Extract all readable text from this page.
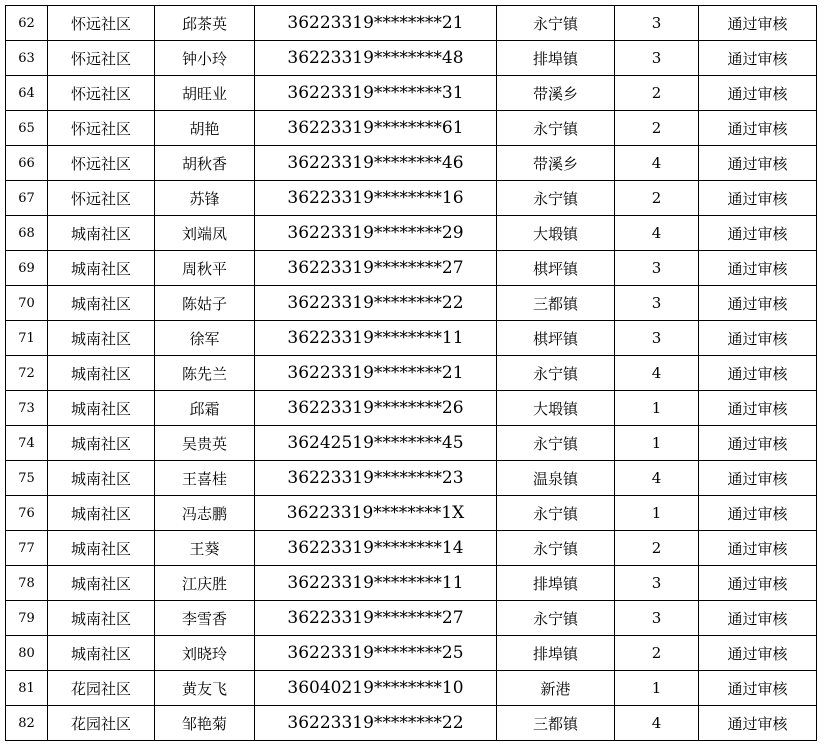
62	怀远社区	邱茶英	36223319********21	永宁镇	3	通过审核
63	怀远社区	钟小玲	36223319********48	排埠镇	3	通过审核
64	怀远社区	胡旺业	36223319********31	带溪乡	2	通过审核
65	怀远社区	胡艳	36223319********61	永宁镇	2	通过审核
66	怀远社区	胡秋香	36223319********46	带溪乡	4	通过审核
67	怀远社区	苏锋	36223319********16	永宁镇	2	通过审核
68	城南社区	刘端凤	36223319********29	大塅镇	4	通过审核
69	城南社区	周秋平	36223319********27	棋坪镇	3	通过审核
70	城南社区	陈姑子	36223319********22	三都镇	3	通过审核
71	城南社区	徐军	36223319********11	棋坪镇	3	通过审核
72	城南社区	陈先兰	36223319********21	永宁镇	4	通过审核
73	城南社区	邱霜	36223319********26	大塅镇	1	通过审核
74	城南社区	吴贵英	36242519********45	永宁镇	1	通过审核
75	城南社区	王喜桂	36223319********23	温泉镇	4	通过审核
76	城南社区	冯志鹏	36223319********1X	永宁镇	1	通过审核
77	城南社区	王葵	36223319********14	永宁镇	2	通过审核
78	城南社区	江庆胜	36223319********11	排埠镇	3	通过审核
79	城南社区	李雪香	36223319********27	永宁镇	3	通过审核
80	城南社区	刘晓玲	36223319********25	排埠镇	2	通过审核
81	花园社区	黄友飞	36040219********10	新港	1	通过审核
82	花园社区	邹艳菊	36223319********22	三都镇	4	通过审核
